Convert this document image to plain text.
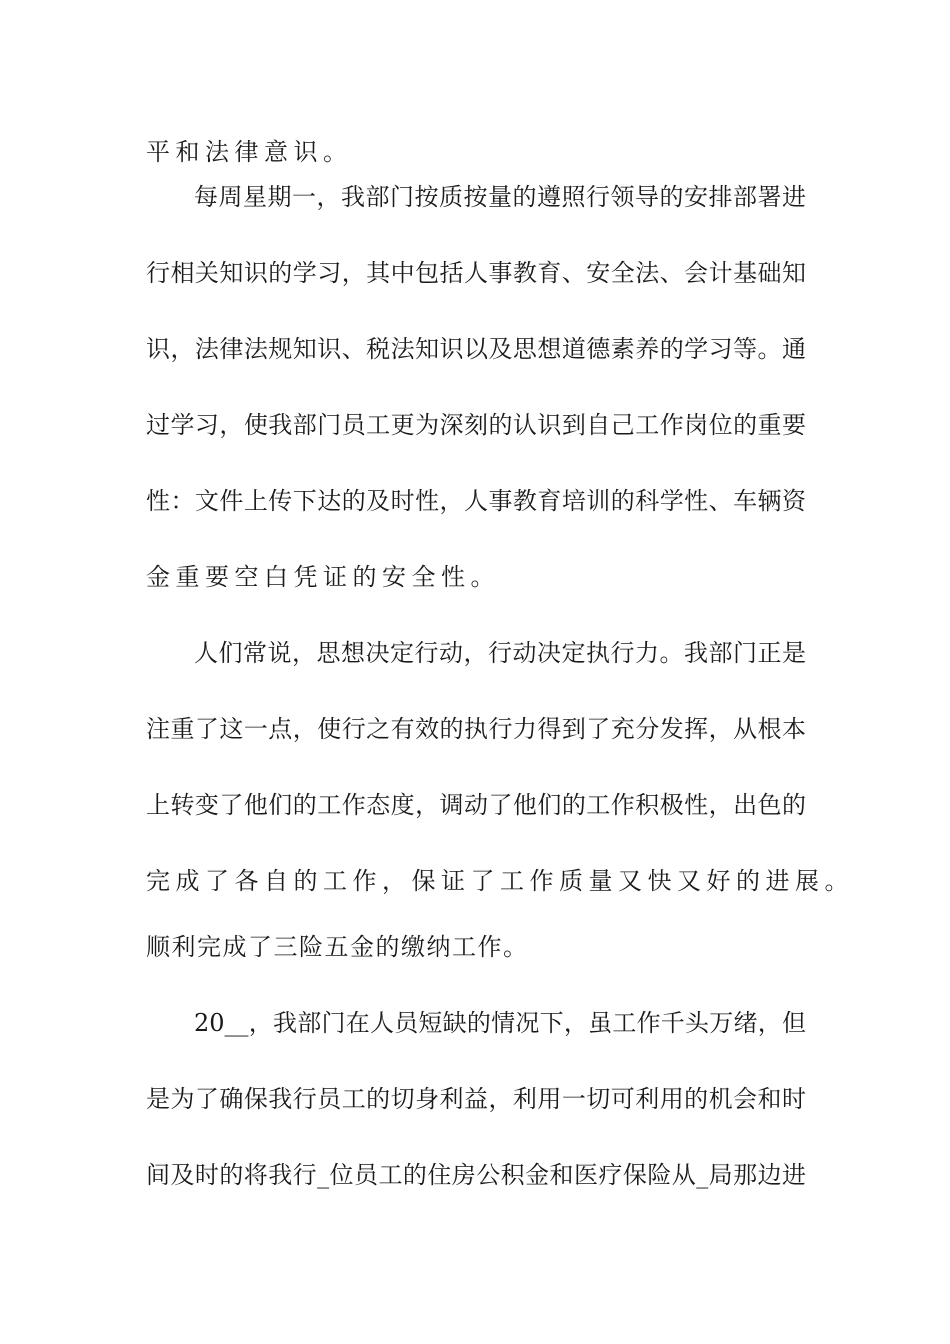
平和法律意识。

每周星期一，我部门按质按量的遵照行领导的安排部署进

行相关知识的学习，其中包括人事教育、安全法、会计基础知

识，法律法规知识、税法知识以及思想道德素养的学习等。通

过学习，使我部门员工更为深刻的认识到自己工作岗位的重要

性：文件上传下达的及时性，人事教育培训的科学性、车辆资

金重要空白凭证的安全性。

人们常说，思想决定行动，行动决定执行力。我部门正是

注重了这一点，使行之有效的执行力得到了充分发挥，从根本

上转变了他们的工作态度，调动了他们的工作积极性，出色的

完成了各自的工作，保证了工作质量又快又好的进展。

顺利完成了三险五金的缴纳工作。

20__，我部门在人员短缺的情况下，虽工作千头万绪，但

是为了确保我行员工的切身利益，利用一切可利用的机会和时

间及时的将我行_位员工的住房公积金和医疗保险从_局那边进
